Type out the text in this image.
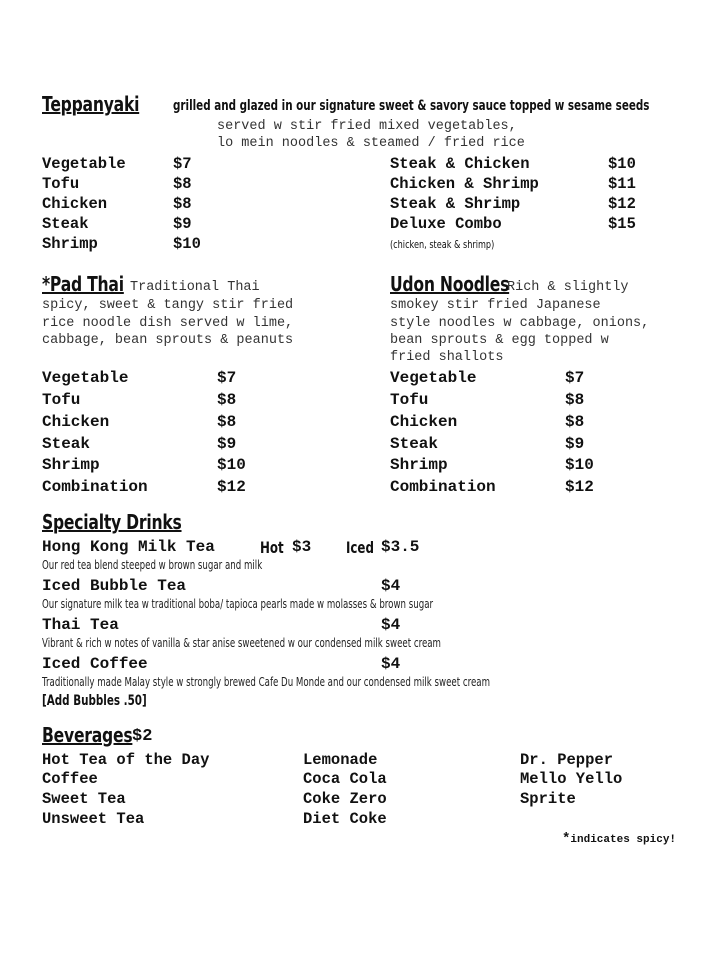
Teppanyaki grilled and glazed in our signature sweet & savory sauce topped w sesame seeds
served w stir fried mixed vegetables,
lo mein noodles & steamed / fried rice
Vegetable	$7
Tofu	$8
Chicken	$8
Steak	$9
Shrimp	$10
Steak & Chicken	$10
Chicken & Shrimp	$11
Steak & Shrimp	$12
Deluxe Combo	$15
(chicken, steak & shrimp)
*Pad Thai Traditional Thai
spicy, sweet & tangy stir fried
rice noodle dish served w lime,
cabbage, bean sprouts & peanuts
Vegetable	$7
Tofu	$8
Chicken	$8
Steak	$9
Shrimp	$10
Combination	$12
Udon Noodles
Rich & slightly
smokey stir fried Japanese
style noodles w cabbage, onions,
bean sprouts & egg topped w
fried shallots
Vegetable	$7
Tofu	$8
Chicken	$8
Steak	$9
Shrimp	$10
Combination	$12
Specialty Drinks
Hong Kong Milk Tea	Hot $3 Iced $3.5
Our red tea blend steeped w brown sugar and milk
Iced Bubble Tea	$4
Our signature milk tea w traditional boba/ tapioca pearls made w molasses & brown sugar
Thai Tea	$4
Vibrant & rich w notes of vanilla & star anise sweetened w our condensed milk sweet cream
Iced Coffee	$4
Traditionally made Malay style w strongly brewed Cafe Du Monde and our condensed milk sweet cream
[Add Bubbles .50]
Beverages $2
Hot Tea of the Day
Coffee
Sweet Tea
Unsweet Tea
Lemonade
Coca Cola
Coke Zero
Diet Coke
Dr. Pepper
Mello Yello
Sprite
*indicates spicy!
